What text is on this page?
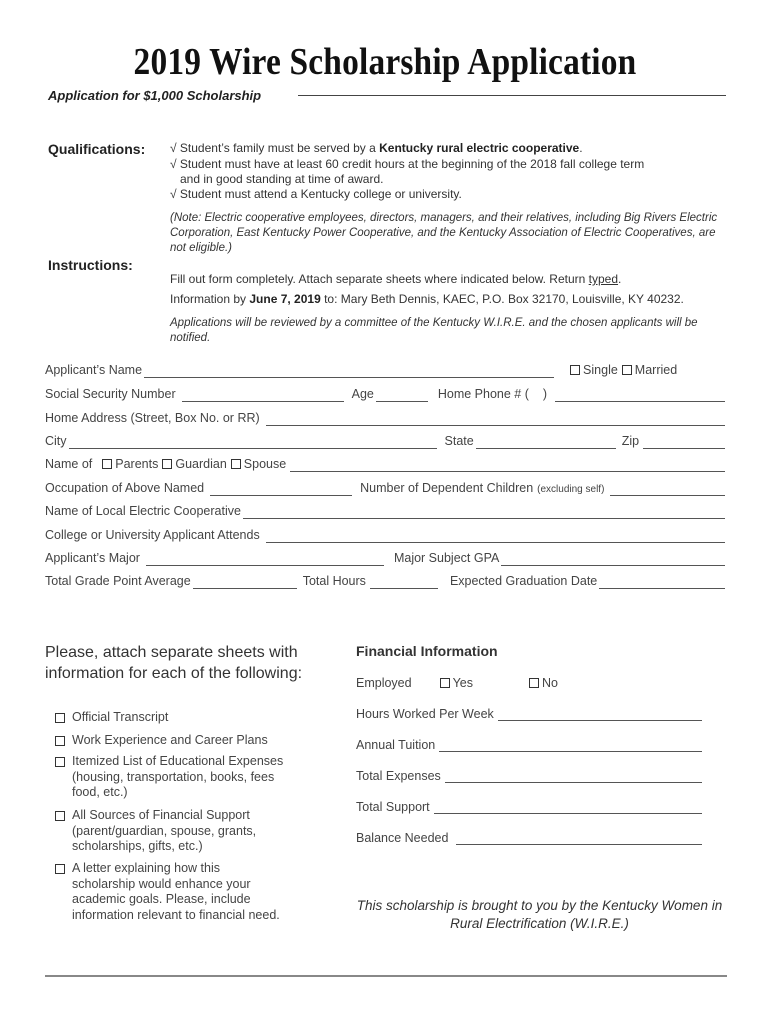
2019 Wire Scholarship Application
Application for $1,000 Scholarship
Qualifications: √ Student’s family must be served by a Kentucky rural electric cooperative.
√ Student must have at least 60 credit hours at the beginning of the 2018 fall college term
and in good standing at time of award.
√ Student must attend a Kentucky college or university.
(Note: Electric cooperative employees, directors, managers, and their relatives, including Big Rivers Electric Corporation, East Kentucky Power Cooperative, and the Kentucky Association of Electric Cooperatives, are not eligible.)
Instructions:
Fill out form completely. Attach separate sheets where indicated below. Return typed.
Information by June 7, 2019 to: Mary Beth Dennis, KAEC, P.O. Box 32170, Louisville, KY 40232.
Applications will be reviewed by a committee of the Kentucky W.I.R.E. and the chosen applicants will be notified.
Applicant’s Name	Single	Married
Social Security Number	Age	Home Phone # ( )
Home Address (Street, Box No. or RR)
City	State	Zip
Name of	Parents	Guardian	Spouse
Occupation of Above Named	Number of Dependent Children (excluding self)
Name of Local Electric Cooperative
College or University Applicant Attends
Applicant’s Major	Major Subject GPA
Total Grade Point Average	Total Hours	Expected Graduation Date
Please, attach separate sheets with information for each of the following:
Official Transcript
Work Experience and Career Plans
Itemized List of Educational Expenses (housing, transportation, books, fees food, etc.)
All Sources of Financial Support (parent/guardian, spouse, grants, scholarships, gifts, etc.)
A letter explaining how this scholarship would enhance your academic goals. Please, include information relevant to financial need.
Financial Information
Employed	Yes	No
Hours Worked Per Week
Annual Tuition
Total Expenses
Total Support
Balance Needed
This scholarship is brought to you by the Kentucky Women in Rural Electrification (W.I.R.E.)
